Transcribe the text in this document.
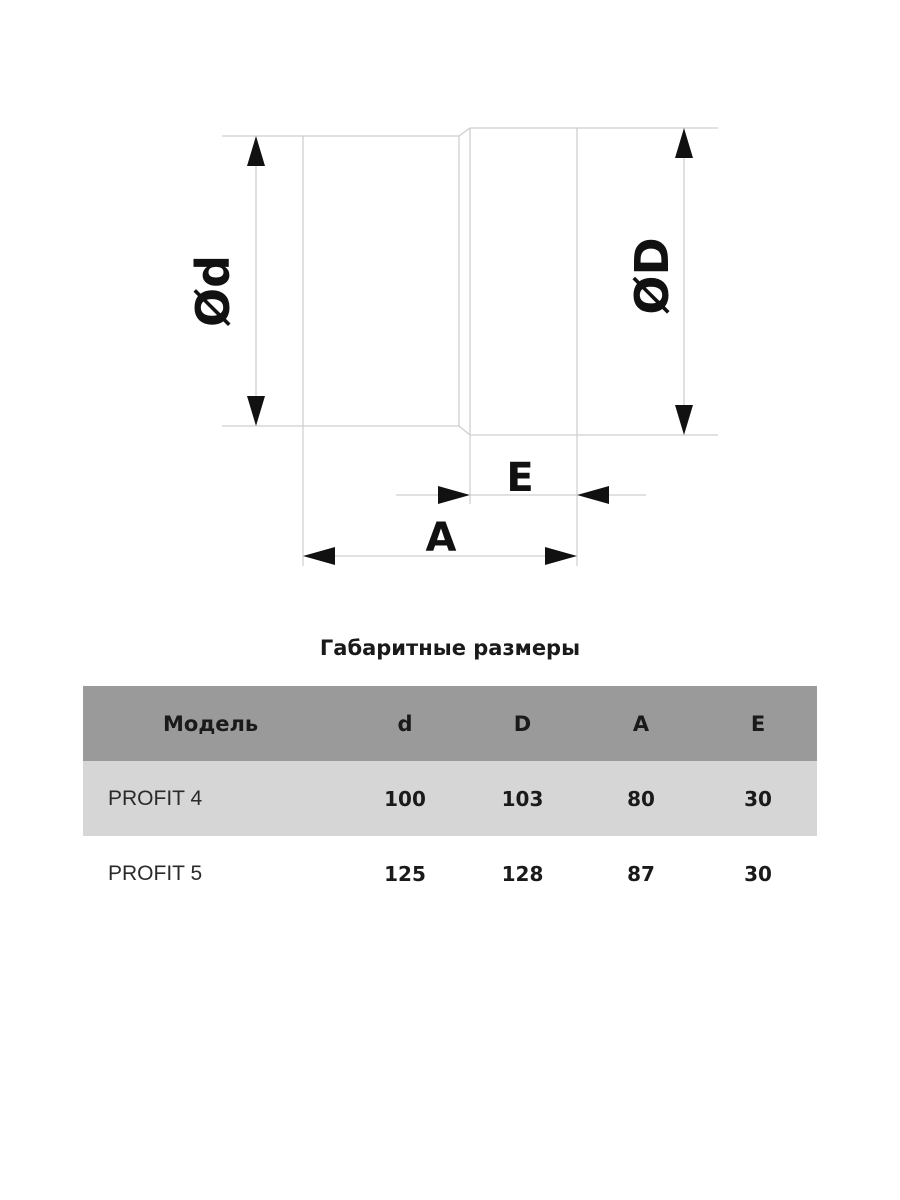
Ød	ØD
E
A
Габаритные размеры
Модель	d	D	A	E
PROFIT 4	100	103	80	30
PROFIT 5	125	128	87	30
